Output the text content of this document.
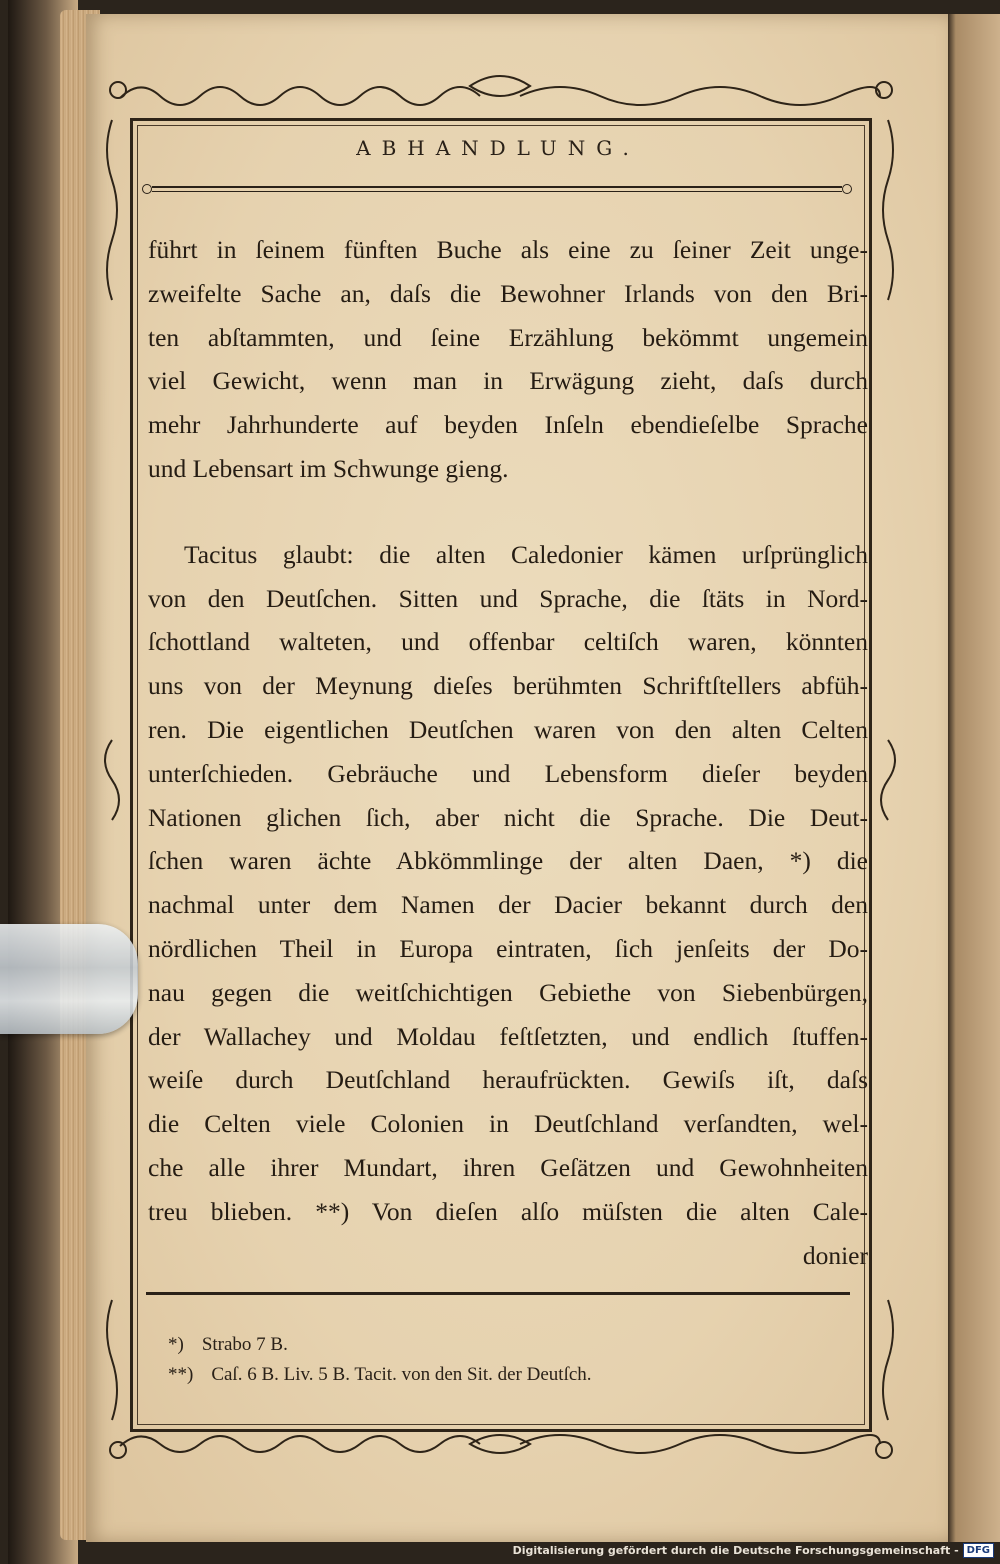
ABHANDLUNG.
führt in ſeinem fünften Buche als eine zu ſeiner Zeit unge-
zweifelte Sache an, daſs die Bewohner Irlands von den Bri-
ten abſtammten, und ſeine Erzählung bekömmt ungemein
viel Gewicht, wenn man in Erwägung zieht, daſs durch
mehr Jahrhunderte auf beyden Inſeln ebendieſelbe Sprache
und Lebensart im Schwunge gieng.
Tacitus glaubt: die alten Caledonier kämen urſprünglich
von den Deutſchen. Sitten und Sprache, die ſtäts in Nord-
ſchottland walteten, und offenbar celtiſch waren, könnten
uns von der Meynung dieſes berühmten Schriftſtellers abfüh-
ren. Die eigentlichen Deutſchen waren von den alten Celten
unterſchieden. Gebräuche und Lebensform dieſer beyden
Nationen glichen ſich, aber nicht die Sprache. Die Deut-
ſchen waren ächte Abkömmlinge der alten Daen, *) die
nachmal unter dem Namen der Dacier bekannt durch den
nördlichen Theil in Europa eintraten, ſich jenſeits der Do-
nau gegen die weitſchichtigen Gebiethe von Siebenbürgen,
der Wallachey und Moldau feſtſetzten, und endlich ſtuffen-
weiſe durch Deutſchland heraufrückten. Gewiſs iſt, daſs
die Celten viele Colonien in Deutſchland verſandten, wel-
che alle ihrer Mundart, ihren Geſätzen und Gewohnheiten
treu blieben. **) Von dieſen alſo müſsten die alten Cale-
donier
*) Strabo 7 B.
**) Caſ. 6 B. Liv. 5 B. Tacit. von den Sit. der Deutſch.
Digitalisierung gefördert durch die Deutsche Forschungsgemeinschaft - DFG
